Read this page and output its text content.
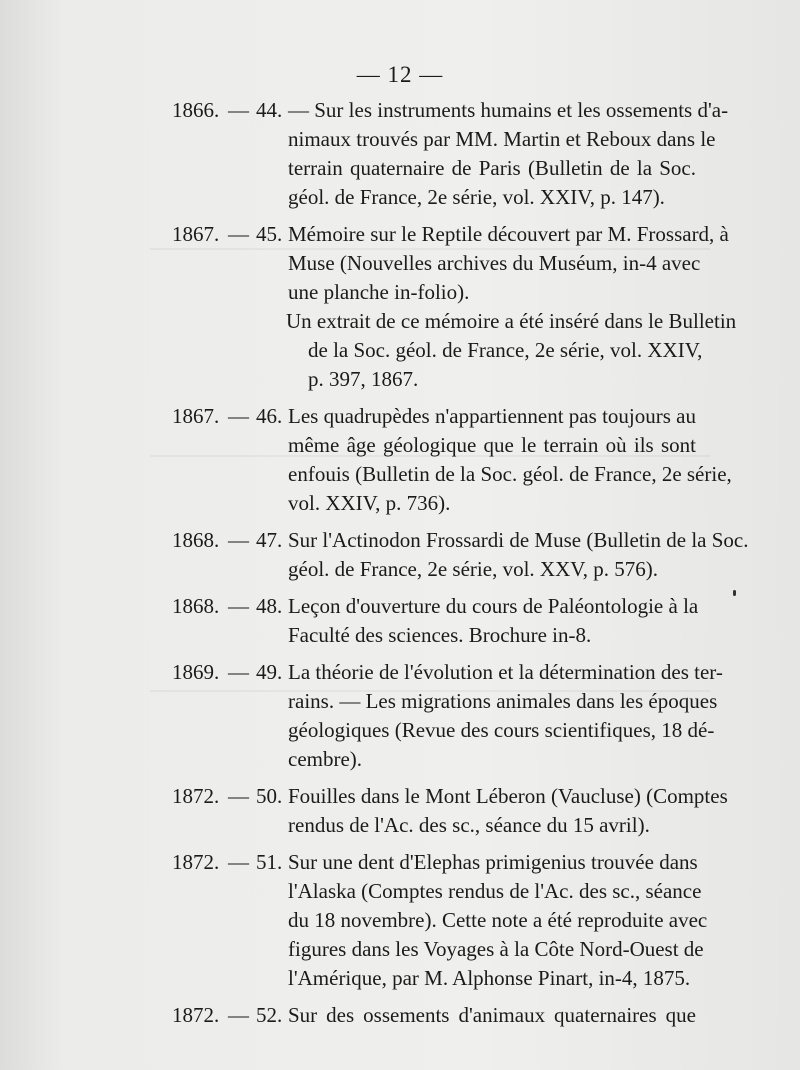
— 12 —
1866. — 44. — Sur les instruments humains et les ossements d'a-
nimaux trouvés par MM. Martin et Reboux dans le
terrain quaternaire de Paris (Bulletin de la Soc.
géol. de France, 2e série, vol. XXIV, p. 147).
1867. — 45. Mémoire sur le Reptile découvert par M. Frossard, à
Muse (Nouvelles archives du Muséum, in-4 avec
une planche in-folio).
Un extrait de ce mémoire a été inséré dans le Bulletin
de la Soc. géol. de France, 2e série, vol. XXIV,
p. 397, 1867.
1867. — 46. Les quadrupèdes n'appartiennent pas toujours au
même âge géologique que le terrain où ils sont
enfouis (Bulletin de la Soc. géol. de France, 2e série,
vol. XXIV, p. 736).
1868. — 47. Sur l'Actinodon Frossardi de Muse (Bulletin de la Soc.
géol. de France, 2e série, vol. XXV, p. 576).
1868. — 48. Leçon d'ouverture du cours de Paléontologie à la
Faculté des sciences. Brochure in-8.
1869. — 49. La théorie de l'évolution et la détermination des ter-
rains. — Les migrations animales dans les époques
géologiques (Revue des cours scientifiques, 18 dé-
cembre).
1872. — 50. Fouilles dans le Mont Léberon (Vaucluse) (Comptes
rendus de l'Ac. des sc., séance du 15 avril).
1872. — 51. Sur une dent d'Elephas primigenius trouvée dans
l'Alaska (Comptes rendus de l'Ac. des sc., séance
du 18 novembre). Cette note a été reproduite avec
figures dans les Voyages à la Côte Nord-Ouest de
l'Amérique, par M. Alphonse Pinart, in-4, 1875.
1872. — 52. Sur des ossements d'animaux quaternaires que
